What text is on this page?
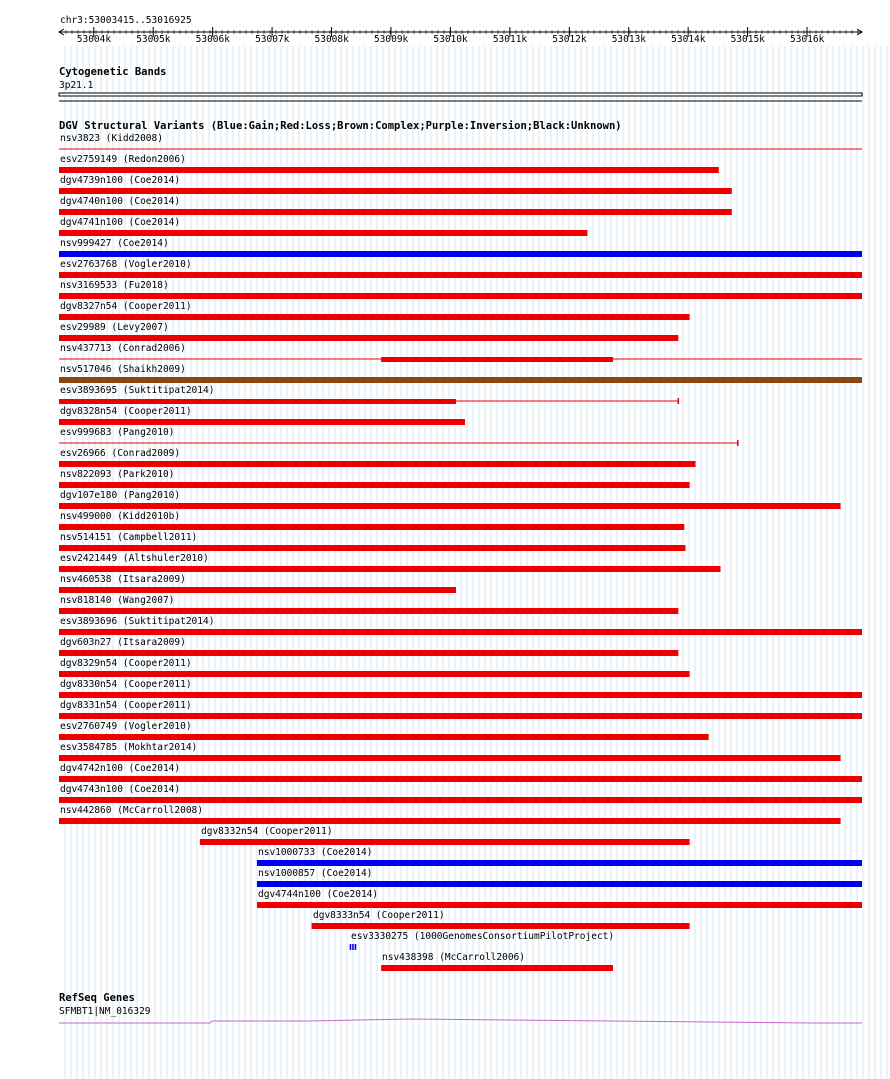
chr3:53003415..53016925
53004k	53005k	53006k	53007k	53008k	53009k	53010k	53011k	53012k	53013k	53014k	53015k	53016k
Cytogenetic Bands
3p21.1
DGV Structural Variants (Blue:Gain;Red:Loss;Brown:Complex;Purple:Inversion;Black:Unknown)
nsv3823 (Kidd2008)
esv2759149 (Redon2006)
dgv4739n100 (Coe2014)
dgv4740n100 (Coe2014)
dgv4741n100 (Coe2014)
nsv999427 (Coe2014)
esv2763768 (Vogler2010)
nsv3169533 (Fu2018)
dgv8327n54 (Cooper2011)
esv29989 (Levy2007)
nsv437713 (Conrad2006)
nsv517046 (Shaikh2009)
esv3893695 (Suktitipat2014)
dgv8328n54 (Cooper2011)
esv999683 (Pang2010)
esv26966 (Conrad2009)
nsv822093 (Park2010)
dgv107e180 (Pang2010)
nsv499000 (Kidd2010b)
nsv514151 (Campbell2011)
esv2421449 (Altshuler2010)
nsv460538 (Itsara2009)
nsv818140 (Wang2007)
esv3893696 (Suktitipat2014)
dgv603n27 (Itsara2009)
dgv8329n54 (Cooper2011)
dgv8330n54 (Cooper2011)
dgv8331n54 (Cooper2011)
esv2760749 (Vogler2010)
esv3584785 (Mokhtar2014)
dgv4742n100 (Coe2014)
dgv4743n100 (Coe2014)
nsv442860 (McCarroll2008)
dgv8332n54 (Cooper2011)
nsv1000733 (Coe2014)
nsv1000857 (Coe2014)
dgv4744n100 (Coe2014)
dgv8333n54 (Cooper2011)
esv3330275 (1000GenomesConsortiumPilotProject)
nsv438398 (McCarroll2006)
RefSeq Genes
SFMBT1|NM_016329
